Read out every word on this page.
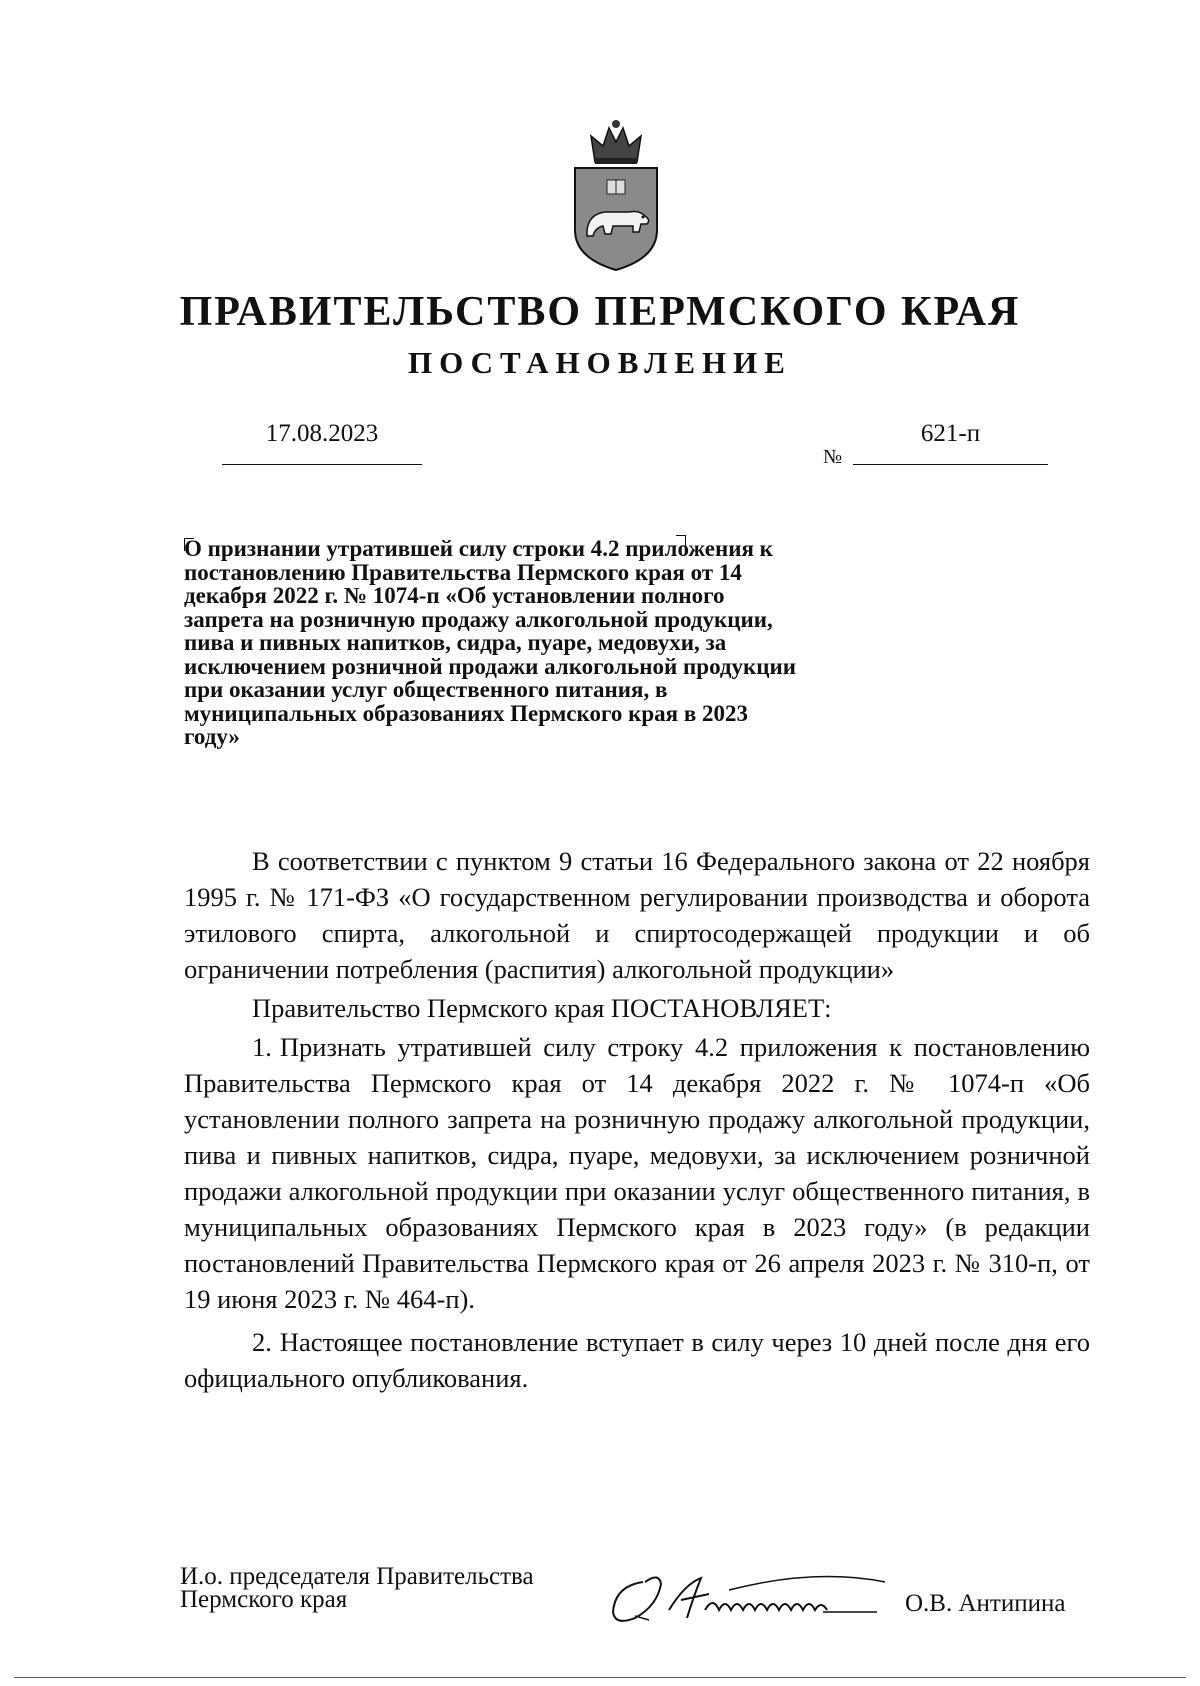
ПРАВИТЕЛЬСТВО ПЕРМСКОГО КРАЯ
ПОСТАНОВЛЕНИЕ
17.08.2023
№
621-п
О признании утратившей силу строки 4.2 приложения к постановлению Правительства Пермского края от 14 декабря 2022 г. № 1074-п «Об установлении полного запрета на розничную продажу алкогольной продукции, пива и пивных напитков, сидра, пуаре, медовухи, за исключением розничной продажи алкогольной продукции при оказании услуг общественного питания, в муниципальных образованиях Пермского края в 2023 году»

В соответствии с пунктом 9 статьи 16 Федерального закона от 22 ноября 1995 г. № 171-ФЗ «О государственном регулировании производства и оборота этилового спирта, алкогольной и спиртосодержащей продукции и об ограничении потребления (распития) алкогольной продукции»

Правительство Пермского края ПОСТАНОВЛЯЕТ:

1. Признать утратившей силу строку 4.2 приложения к постановлению Правительства Пермского края от 14 декабря 2022 г. № 1074-п «Об установлении полного запрета на розничную продажу алкогольной продукции, пива и пивных напитков, сидра, пуаре, медовухи, за исключением розничной продажи алкогольной продукции при оказании услуг общественного питания, в муниципальных образованиях Пермского края в 2023 году» (в редакции постановлений Правительства Пермского края от 26 апреля 2023 г. № 310-п, от 19 июня 2023 г. № 464-п).

2. Настоящее постановление вступает в силу через 10 дней после дня его официального опубликования.

И.о. председателя Правительства
Пермского края	О.В. Антипина
